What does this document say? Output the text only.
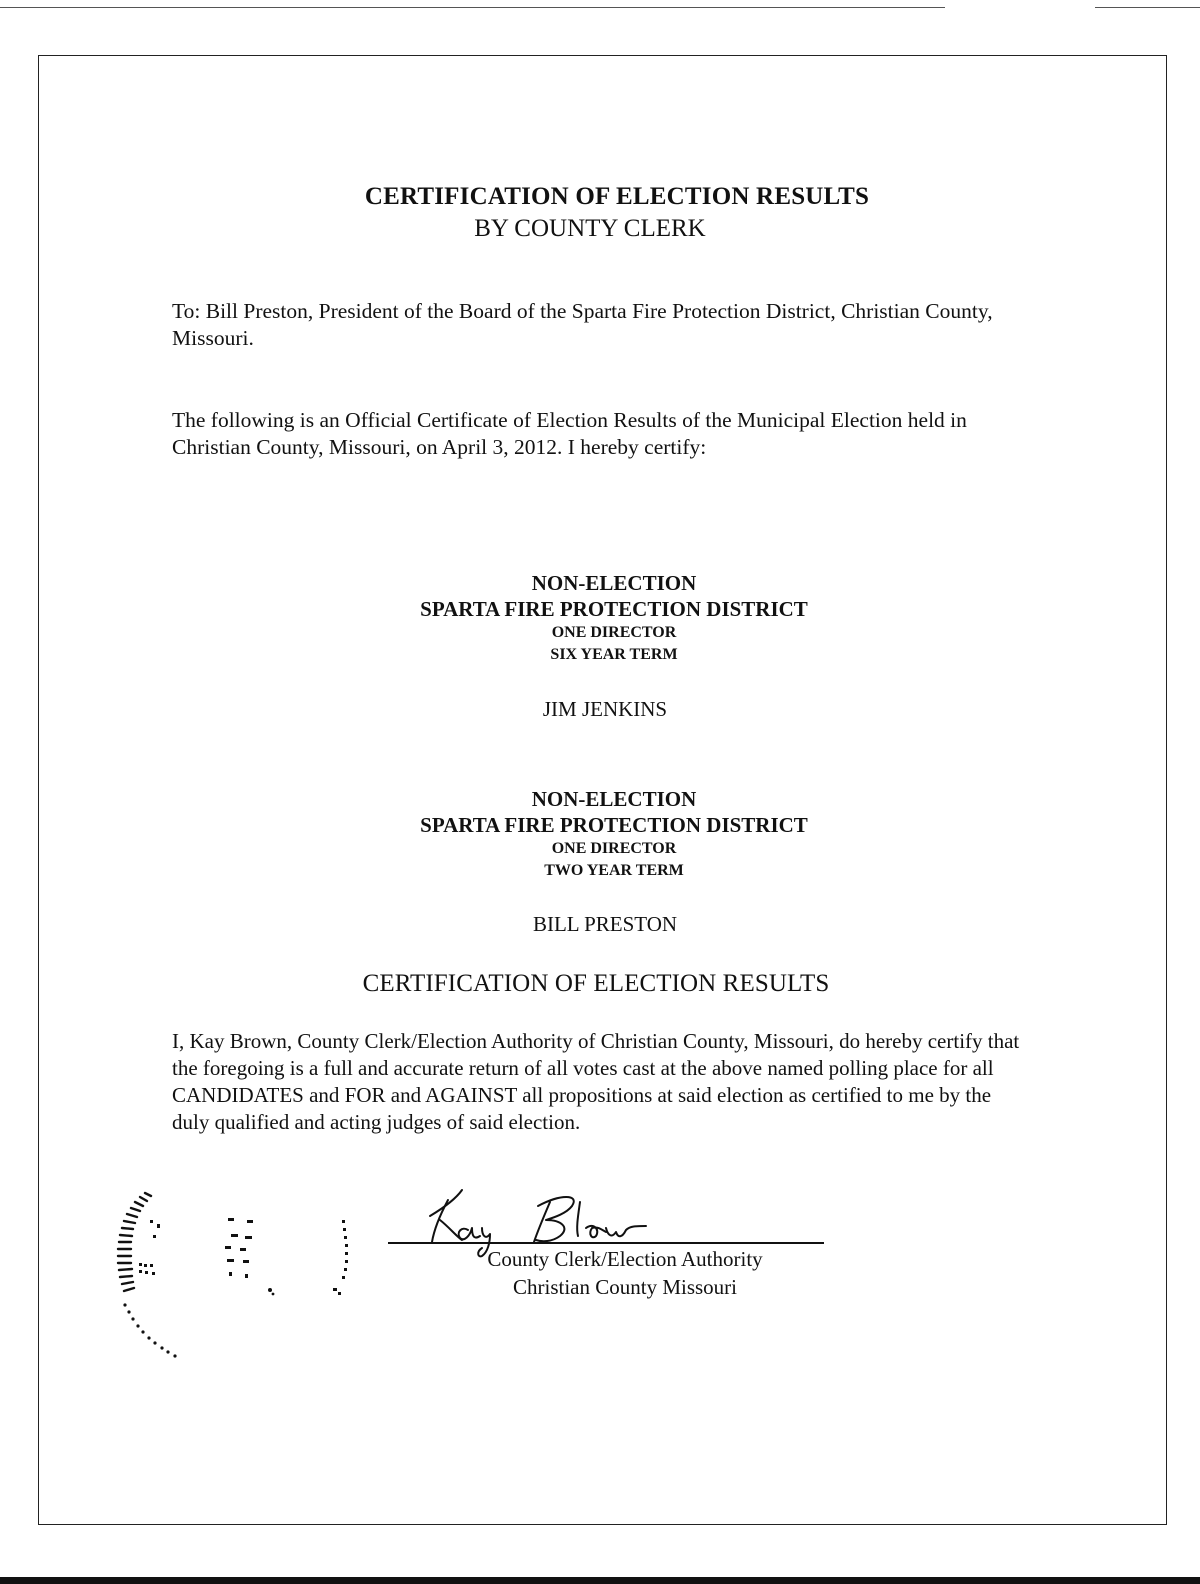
CERTIFICATION OF ELECTION RESULTS
BY COUNTY CLERK

To: Bill Preston, President of the Board of the Sparta Fire Protection District, Christian County, Missouri.

The following is an Official Certificate of Election Results of the Municipal Election held in Christian County, Missouri, on April 3, 2012. I hereby certify:

NON-ELECTION
SPARTA FIRE PROTECTION DISTRICT
ONE DIRECTOR
SIX YEAR TERM
JIM JENKINS
NON-ELECTION
SPARTA FIRE PROTECTION DISTRICT
ONE DIRECTOR
TWO YEAR TERM
BILL PRESTON
CERTIFICATION OF ELECTION RESULTS

I, Kay Brown, County Clerk/Election Authority of Christian County, Missouri, do hereby certify that the foregoing is a full and accurate return of all votes cast at the above named polling place for all CANDIDATES and FOR and AGAINST all propositions at said election as certified to me by the duly qualified and acting judges of said election.

County Clerk/Election Authority
Christian County Missouri
